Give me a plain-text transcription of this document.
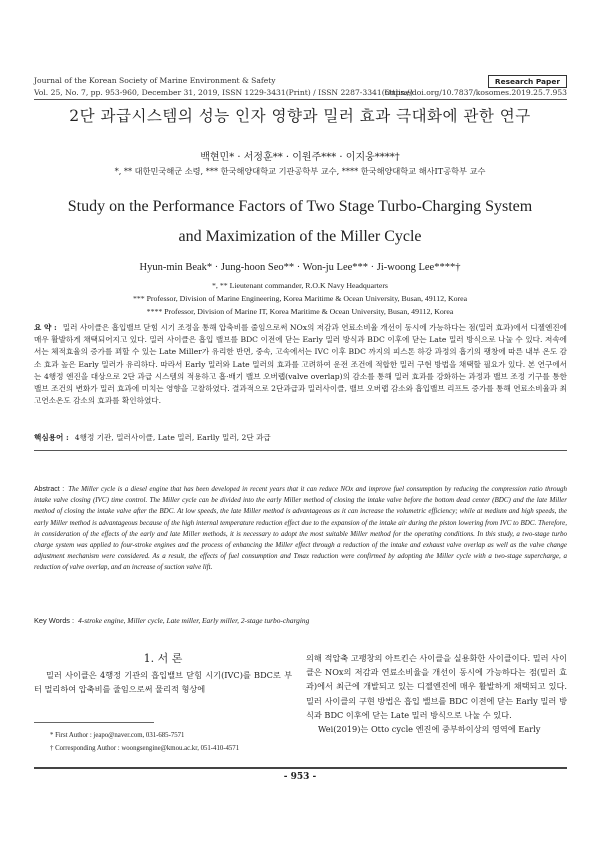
Journal of the Korean Society of Marine Environment & Safety	Research Paper
Vol. 25, No. 7, pp. 953-960, December 31, 2019, ISSN 1229-3431(Print) / ISSN 2287-3341(Online)
https://doi.org/10.7837/kosomes.2019.25.7.953
2단 과급시스템의 성능 인자 영향과 밀러 효과 극대화에 관한 연구
백현민* · 서정훈** · 이원주*** · 이지웅****†
*, ** 대한민국해군 소령, *** 한국해양대학교 기관공학부 교수, **** 한국해양대학교 해사IT공학부 교수
Study on the Performance Factors of Two Stage Turbo-Charging System
and Maximization of the Miller Cycle
Hyun-min Beak* · Jung-hoon Seo** · Won-ju Lee*** · Ji-woong Lee****†
*, ** Lieutenant commander, R.O.K Navy Headquarters
*** Professor, Division of Marine Engineering, Korea Maritime & Ocean University, Busan, 49112, Korea
**** Professor, Division of Marine IT, Korea Maritime & Ocean University, Busan, 49112, Korea
요 약 : 밀러 사이클은 흡입밸브 닫힘 시기 조정을 통해 압축비를 줄임으로써 NOx의 저감과 연료소비율 개선이 동시에 가능하다는 점(밀러 효과)에서 디젤엔진에 매우 활발하게 채택되어지고 있다. 밀러 사이클은 흡입 밸브를 BDC 이전에 닫는 Early 밀러 방식과 BDC 이후에 닫는 Late 밀러 방식으로 나눌 수 있다. 저속에서는 체적효율의 증가를 꾀할 수 있는 Late Miller가 유리한 반면, 중속, 고속에서는 IVC 이후 BDC 까지의 피스톤 하강 과정의 흡기의 팽창에 따른 내부 온도 감소 효과 높은 Early 밀러가 유리하다. 따라서 Early 밀러와 Late 밀러의 효과를 고려하여 운전 조건에 적합한 밀러 구현 방법을 채택할 필요가 있다. 본 연구에서는 4행정 엔진을 대상으로 2단 과급 시스템의 적용하고 흡·배기 밸브 오버랩(valve overlap)의 감소를 통해 밀러 효과를 강화하는 과정과 밸브 조정 기구를 통한 밸브 조건의 변화가 밀러 효과에 미치는 영향을 고찰하였다. 결과적으로 2단과급과 밀러사이클, 밸브 오버랩 감소와 흡입밸브 리프트 증가를 통해 연료소비율과 최고연소온도 감소의 효과를 확인하였다.
핵심용어 : 4행정 기관, 밀러사이클, Late 밀러, Earlly 밀러, 2단 과급
Abstract : The Miller cycle is a diesel engine that has been developed in recent years that it can reduce NOx and improve fuel consumption by reducing the compression ratio through intake valve closing (IVC) time control. The Miller cycle can be divided into the early Miller method of closing the intake valve before the bottom dead center (BDC) and the late Miller method of closing the intake valve after the BDC. At low speeds, the late Miller method is advantageous as it can increase the volumetric efficiency; while at medium and high speeds, the early Miller method is advantageous because of the high internal temperature reduction effect due to the expansion of the intake air during the piston lowering from IVC to BDC. Therefore, in consideration of the effects of the early and late Miller methods, it is necessary to adopt the most suitable Miller method for the operating conditions. In this study, a two-stage turbo charge system was applied to four-stroke engines and the process of enhancing the Miller effect through a reduction of the intake and exhaust valve overlap as well as the valve change adjustment mechanism were considered. As a result, the effects of fuel consumption and Tmax reduction were confirmed by adopting the Miller cycle with a two-stage supercharge, a reduction of valve overlap, and an increase of suction valve lift.
Key Words : 4-stroke engine, Miller cycle, Late miller, Early miller, 2-stage turbo-charging
1. 서 론
밀러 사이클은 4행정 기관의 흡입밸브 닫힘 시기(IVC)를 BDC로 부터 멀리하여 압축비를 줄임으로써 물리적 형상에
의해 적압축 고팽창의 아트킨슨 사이클을 실용화한 사이클이다. 밀러 사이클은 NOx의 저감과 연료소비율을 개선이 동시에 가능하다는 점(밀러 효과)에서 최근에 개발되고 있는 디젤엔진에 매우 활발하게 채택되고 있다. 밀러 사이클의 구현 방법은 흡입 밸브를 BDC 이전에 닫는 Early 밀러 방식과 BDC 이후에 닫는 Late 밀러 방식으로 나눌 수 있다.
Wei(2019)는 Otto cycle 엔진에 중부하이상의 영역에 Early
* First Author : jeapo@naver.com, 031-685-7571
† Corresponding Author : woongsengine@kmou.ac.kr, 051-410-4571
- 953 -
